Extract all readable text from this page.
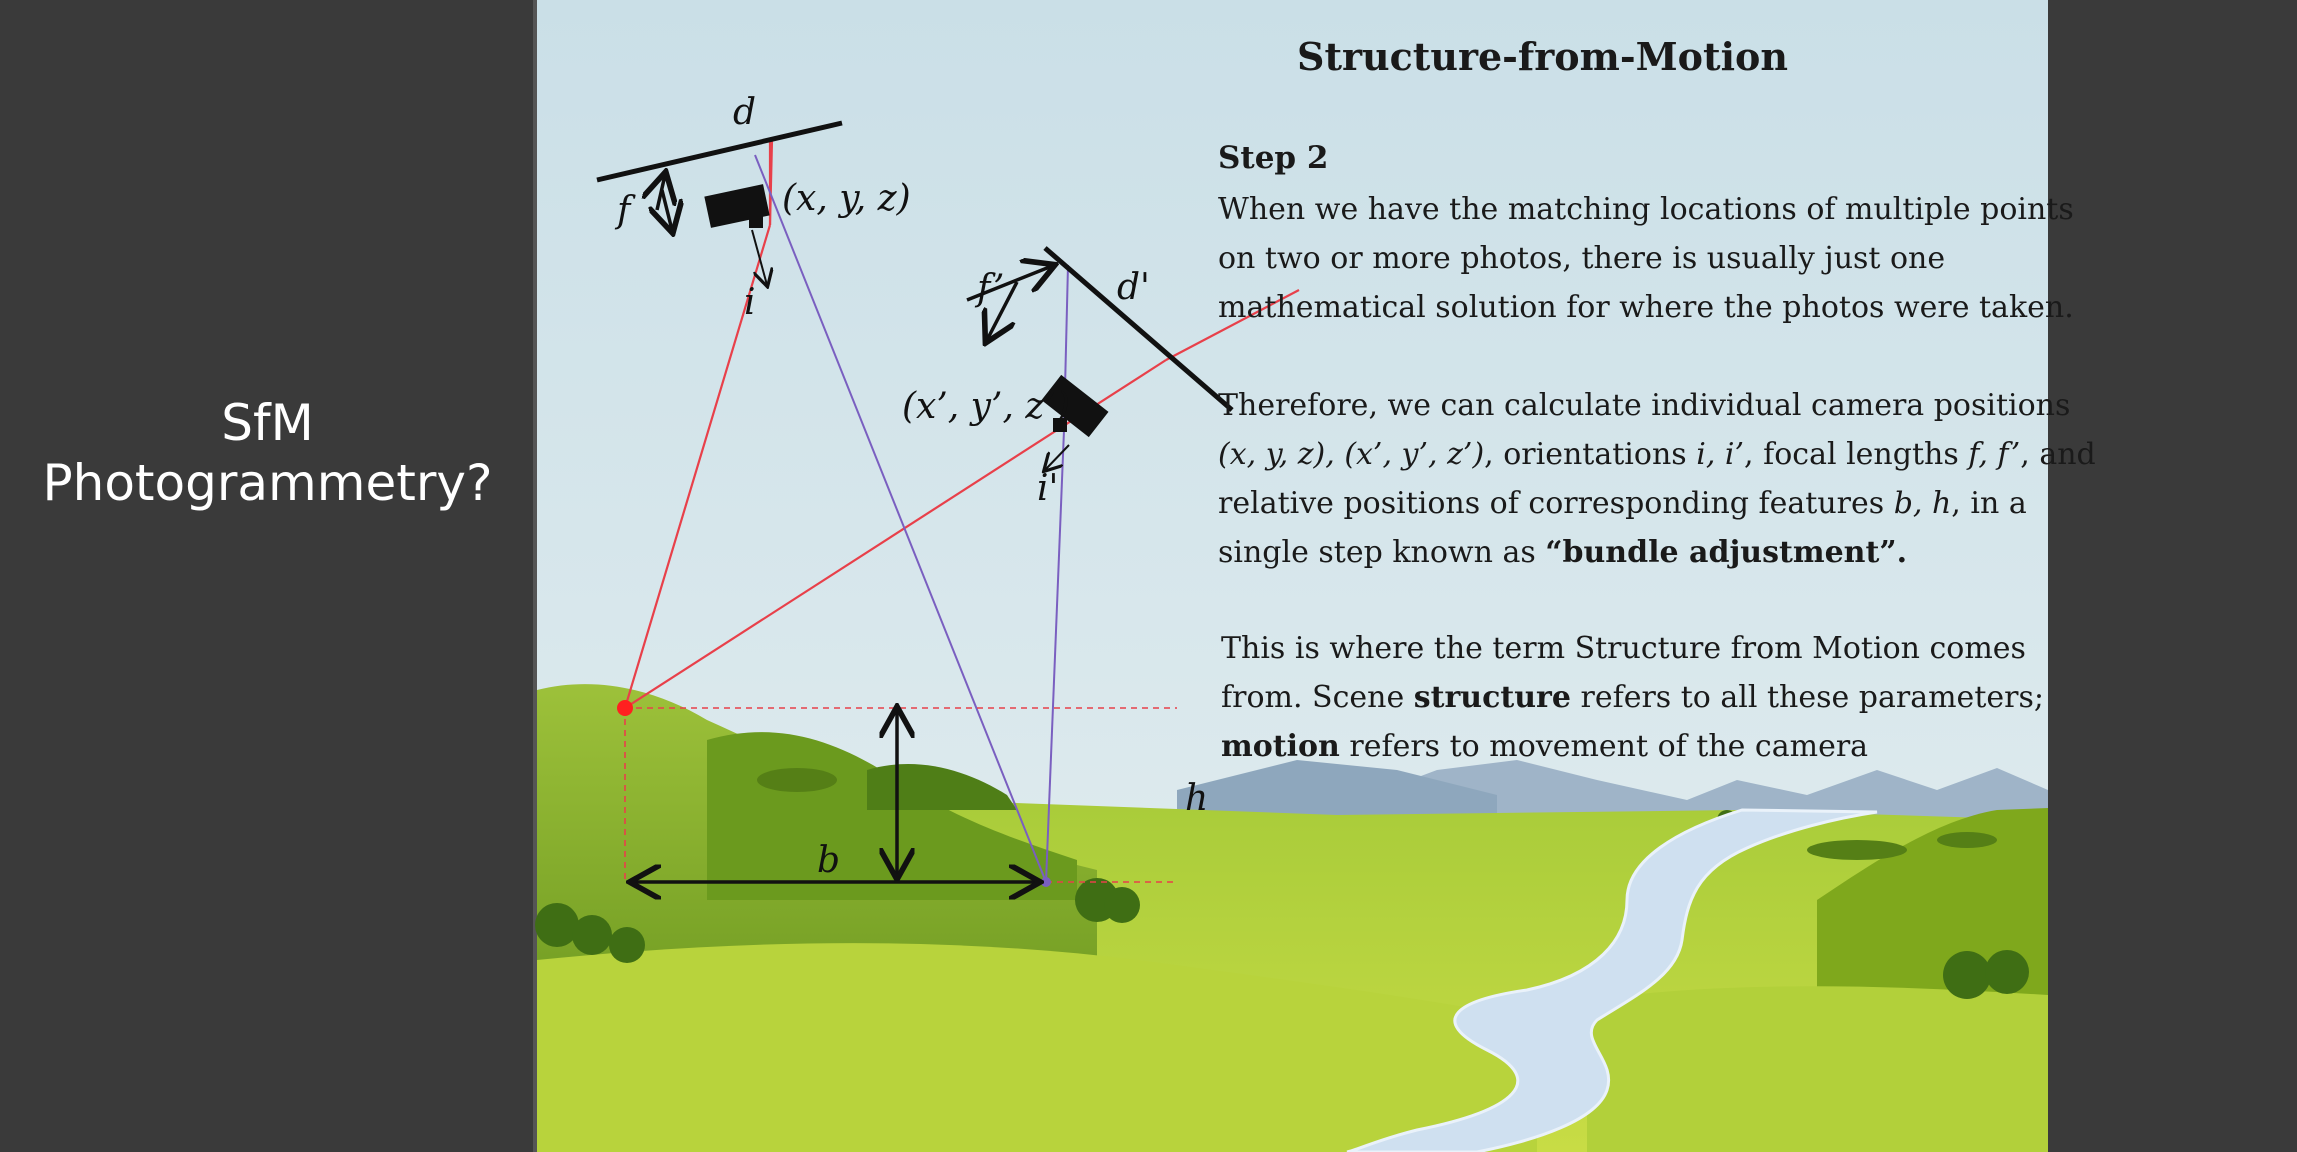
SfM
Photogrammetry?
d
f	(x, y, z)
i	f’	d'
(x’, y’, z’)
i'
b
h
Structure-from-Motion
Step 2
When we have the matching locations of multiple points
on two or more photos, there is usually just one
mathematical solution for where the photos were taken.
Therefore, we can calculate individual camera positions
(x, y, z), (x’, y’, z’), orientations i, i’, focal lengths f, f’, and
relative positions of corresponding features b, h, in a
single step known as “bundle adjustment”.
This is where the term Structure from Motion comes
from. Scene structure refers to all these parameters;
motion refers to movement of the camera
